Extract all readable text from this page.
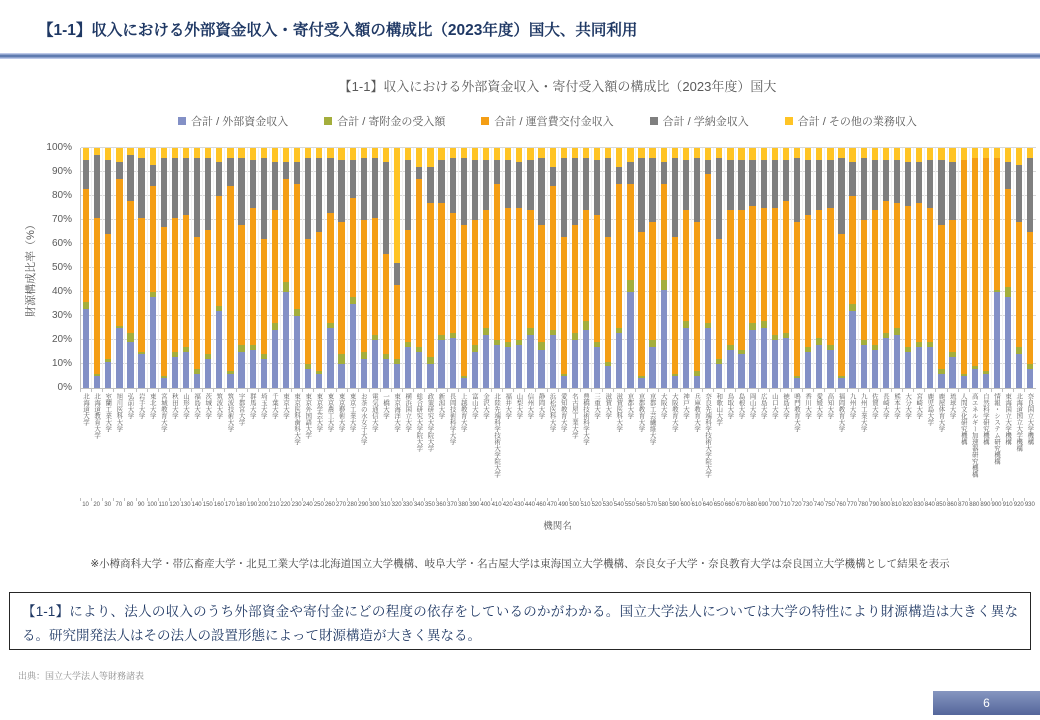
【1-1】収入における外部資金収入・寄付受入額の構成比（2023年度）国大、共同利用
【1-1】収入における外部資金収入・寄付受入額の構成比（2023年度）国大
合計 / 外部資金収入	合計 / 寄附金の受入額	合計 / 運営費交付金収入	合計 / 学納金収入	合計 / その他の業務収入
財源構成比率（%）
0%
10%
20%
30%
40%
50%
60%
70%
80%
90%
100%
北海道大学 北海道教育大学 室蘭工業大学 旭川医科大学 弘前大学 岩手大学 東北大学 宮城教育大学 秋田大学 山形大学 福島大学 茨城大学 筑波大学 筑波技術大学 宇都宮大学 群馬大学 埼玉大学 千葉大学 東京大学 東京医科歯科大学 東京外国語大学 東京学芸大学 東京農工大学 東京藝術大学 東京工業大学 お茶の水女子大学 電気通信大学 一橋大学 東京海洋大学 横浜国立大学 総合研究大学院大学 政策研究大学院大学 新潟大学 長岡技術科学大学 上越教育大学 富山大学 金沢大学 北陸先端科学技術大学院大学 福井大学 山梨大学 信州大学 静岡大学 浜松医科大学 愛知教育大学 名古屋工業大学 豊橋技術科学大学 三重大学 滋賀大学 滋賀医科大学 京都大学 京都教育大学 京都工芸繊維大学 大阪大学 大阪教育大学 神戸大学 兵庫教育大学 奈良先端科学技術大学院大学 和歌山大学 鳥取大学 島根大学 岡山大学 広島大学 山口大学 徳島大学 鳴門教育大学 香川大学 愛媛大学 高知大学 福岡教育大学 九州大学 九州工業大学 佐賀大学 長崎大学 熊本大学 大分大学 宮崎大学 鹿児島大学 鹿屋体育大学 琉球大学 人間文化研究機構 高エネルギー加速器研究機構 自然科学研究機構 情報・システム研究機構 東海国立大学機構 北海道国立大学機構 奈良国立大学機構
10 20 30 70 80 90 100 110 120 130 140 150 160 170 180 190 200 210 220 230 240 250 260 270 280 290 300 310 320 330 340 350 360 370 380 390 400 410 420 430 440 460 470 490 500 510 520 530 540 550 560 570 580 590 600 610 640 650 660 670 680 690 700 710 720 730 740 750 760 770 780 790 800 810 820 830 840 850 860 870 880 890 900 910 920 930
機関名
※小樽商科大学・帯広畜産大学・北見工業大学は北海道国立大学機構、岐阜大学・名古屋大学は東海国立大学機構、奈良女子大学・奈良教育大学は奈良国立大学機構として結果を表示
【1-1】により、法人の収入のうち外部資金や寄付金にどの程度の依存をしているのかがわかる。国立大学法人については大学の特性により財源構造は大きく異なる。研究開発法人はその法人の設置形態によって財源構造が大きく異なる。
出典：国立大学法人等財務諸表
6
